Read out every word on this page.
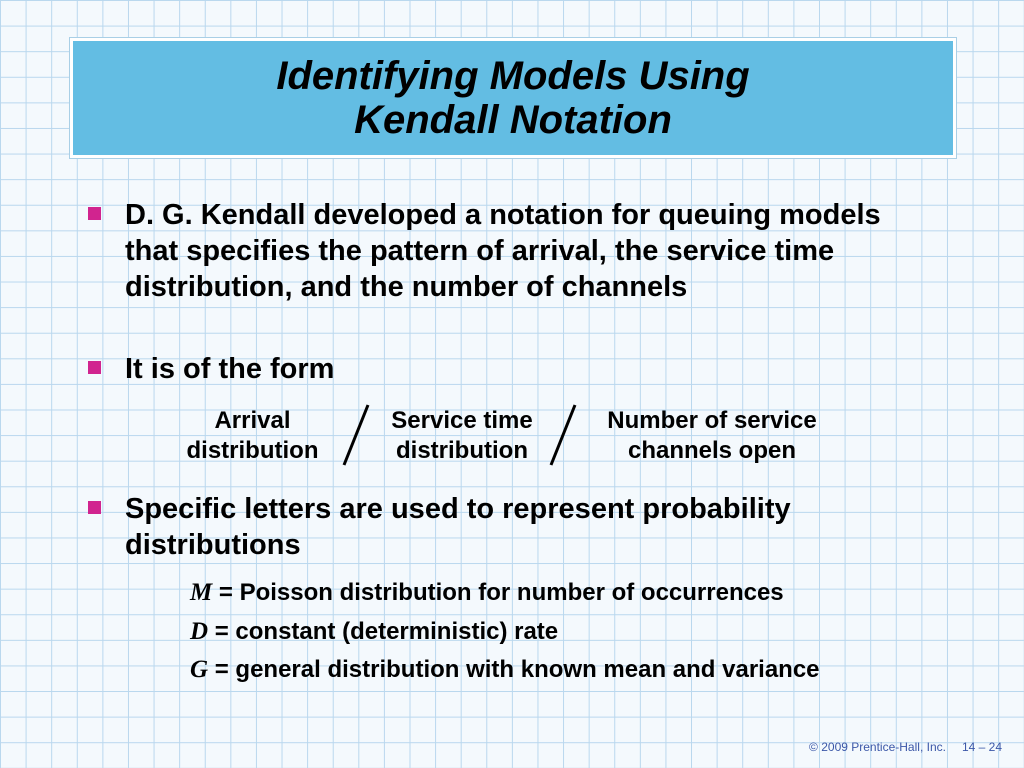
Identifying Models Using
Kendall Notation
D. G. Kendall developed a notation for queuing models that specifies the pattern of arrival, the service time distribution, and the number of channels
It is of the form
Arrival
distribution
Service time
distribution
Number of service
channels open
Specific letters are used to represent probability distributions
M = Poisson distribution for number of occurrences
D = constant (deterministic) rate
G = general distribution with known mean and variance
© 2009 Prentice-Hall, Inc. 14 – 24
